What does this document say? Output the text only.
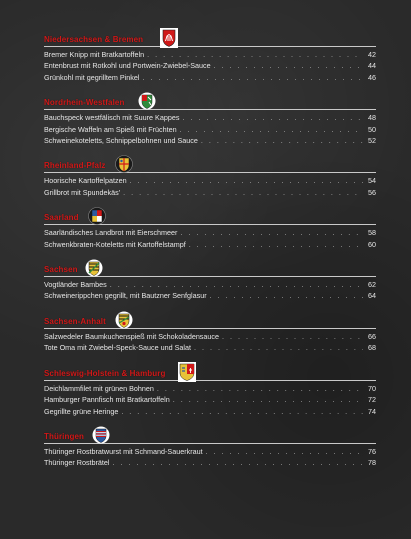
Niedersachsen & Bremen
Bremer Knipp mit Bratkartoffeln . . .	42
Entenbrust mit Rotkohl und Portwein-Zwiebel-Sauce . . .	44
Grünkohl mit gegrilltem Pinkel . . .	46
Nordrhein-Westfalen
Bauchspeck westfälisch mit Suure Kappes . . .	48
Bergische Waffeln am Spieß mit Früchten . . .	50
Schweinekoteletts, Schnippelbohnen und Sauce . . .	52
Rheinland-Pfalz
Hoorische Kartoffelpatzen . . .	54
Grillbrot mit Spundekäs' . . .	56
Saarland
Saarländisches Landbrot mit Eierschmeer . . .	58
Schwenkbraten-Koteletts mit Kartoffelstampf . . .	60
Sachsen
Vogtländer Bambes . . .	62
Schweinerippchen gegrillt, mit Bautzner Senfglasur . . .	64
Sachsen-Anhalt
Salzwedeler Baumkuchenspieß mit Schokoladensauce . . .	66
Tote Oma mit Zwiebel-Speck-Sauce und Salat . . .	68
Schleswig-Holstein & Hamburg
Deichlammfilet mit grünen Bohnen . . .	70
Hamburger Pannfisch mit Bratkartoffeln . . .	72
Gegrillte grüne Heringe . . .	74
Thüringen
Thüringer Rostbratwurst mit Schmand-Sauerkraut . . .	76
Thüringer Rostbrätel . . .	78
